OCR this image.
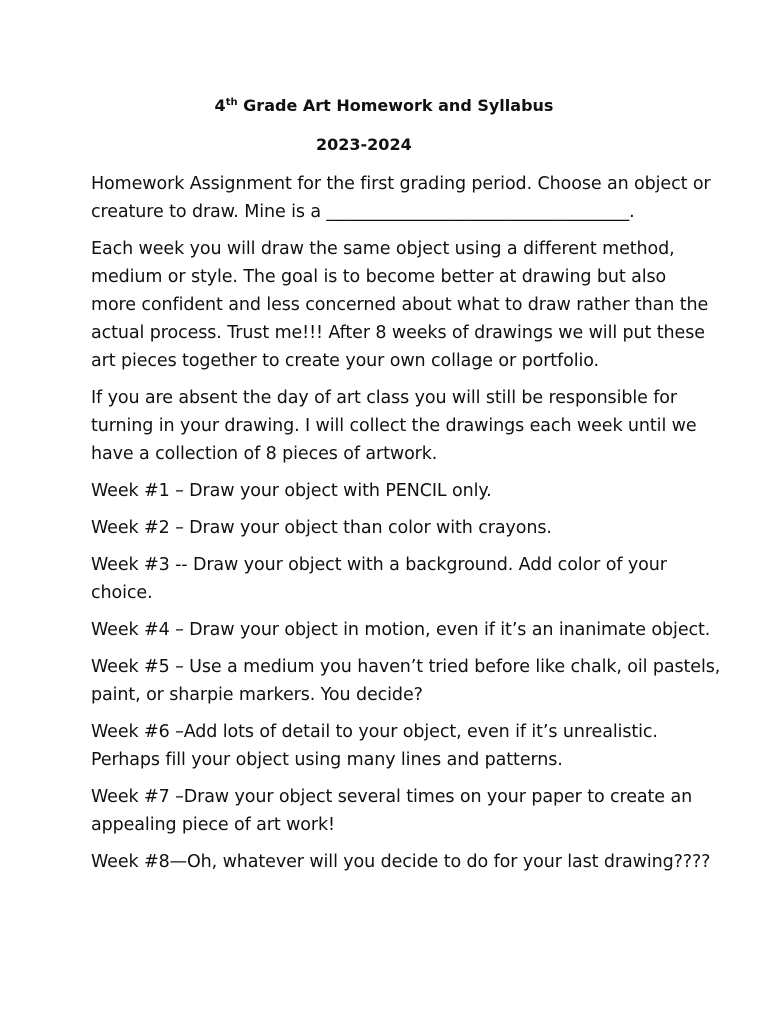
4th Grade Art Homework and Syllabus
2023-2024

Homework Assignment for the first grading period. Choose an object or
creature to draw. Mine is a ___________________________________.

Each week you will draw the same object using a different method,
medium or style. The goal is to become better at drawing but also
more confident and less concerned about what to draw rather than the
actual process. Trust me!!! After 8 weeks of drawings we will put these
art pieces together to create your own collage or portfolio.

If you are absent the day of art class you will still be responsible for
turning in your drawing. I will collect the drawings each week until we
have a collection of 8 pieces of artwork.

Week #1 – Draw your object with PENCIL only.

Week #2 – Draw your object than color with crayons.

Week #3 -- Draw your object with a background. Add color of your
choice.

Week #4 – Draw your object in motion, even if it’s an inanimate object.

Week #5 – Use a medium you haven’t tried before like chalk, oil pastels,
paint, or sharpie markers. You decide?

Week #6 –Add lots of detail to your object, even if it’s unrealistic.
Perhaps fill your object using many lines and patterns.

Week #7 –Draw your object several times on your paper to create an
appealing piece of art work!

Week #8—Oh, whatever will you decide to do for your last drawing????
